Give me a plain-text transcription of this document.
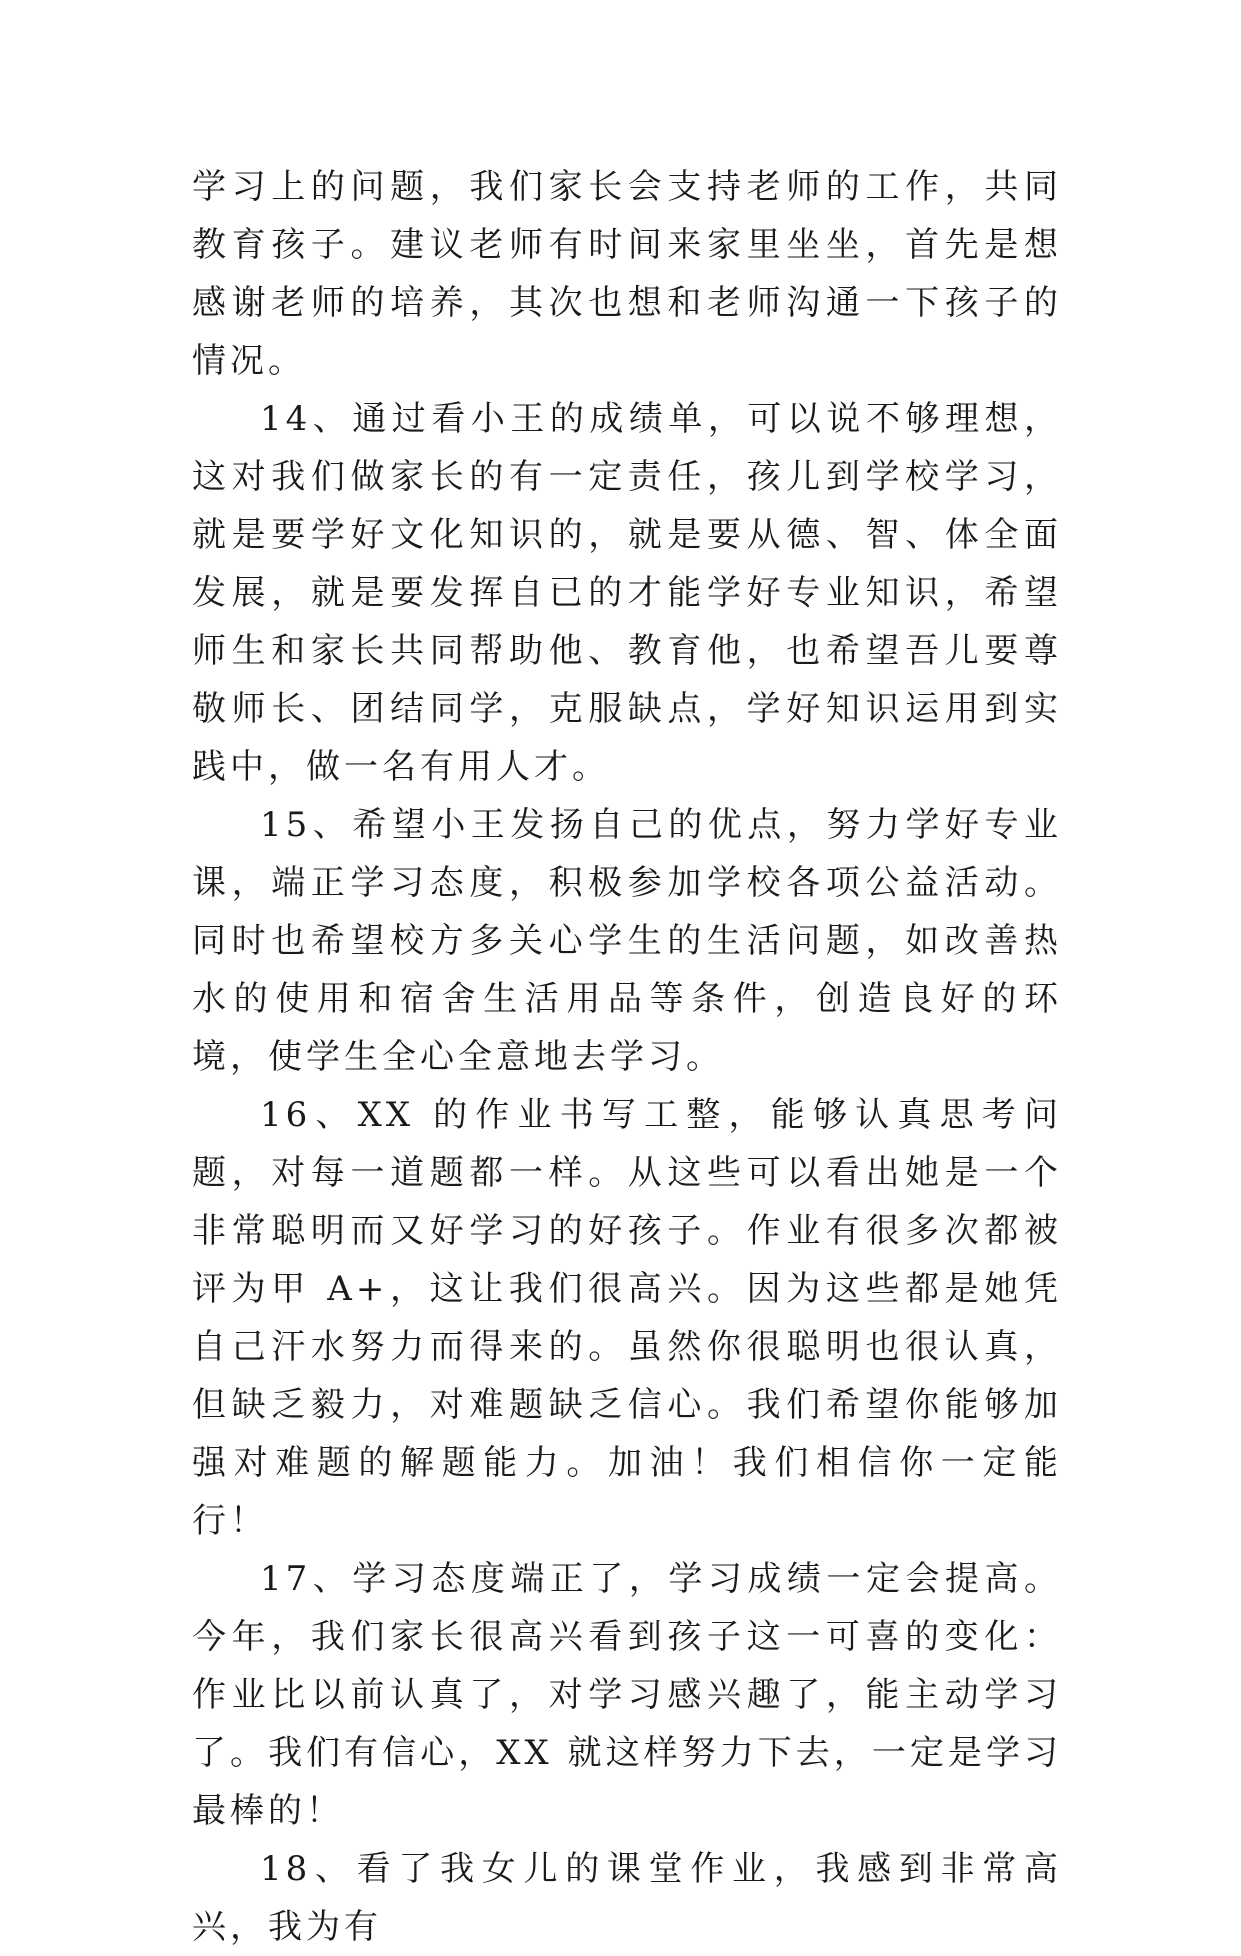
学习上的问题，我们家长会支持老师的工作，共同教育孩子。建议老师有时间来家里坐坐，首先是想感谢老师的培养，其次也想和老师沟通一下孩子的情况。

14、通过看小王的成绩单，可以说不够理想，这对我们做家长的有一定责任，孩儿到学校学习，就是要学好文化知识的，就是要从德、智、体全面发展，就是要发挥自已的才能学好专业知识，希望师生和家长共同帮助他、教育他，也希望吾儿要尊敬师长、团结同学，克服缺点，学好知识运用到实践中，做一名有用人才。

15、希望小王发扬自己的优点，努力学好专业课，端正学习态度，积极参加学校各项公益活动。同时也希望校方多关心学生的生活问题，如改善热水的使用和宿舍生活用品等条件，创造良好的环境，使学生全心全意地去学习。

16、XX 的作业书写工整，能够认真思考问题，对每一道题都一样。从这些可以看出她是一个非常聪明而又好学习的好孩子。作业有很多次都被评为甲 A+，这让我们很高兴。因为这些都是她凭自己汗水努力而得来的。虽然你很聪明也很认真，但缺乏毅力，对难题缺乏信心。我们希望你能够加强对难题的解题能力。加油！我们相信你一定能行！

17、学习态度端正了，学习成绩一定会提高。今年，我们家长很高兴看到孩子这一可喜的变化：作业比以前认真了，对学习感兴趣了，能主动学习了。我们有信心，XX 就这样努力下去，一定是学习最棒的！

18、看了我女儿的课堂作业，我感到非常高兴，我为有
